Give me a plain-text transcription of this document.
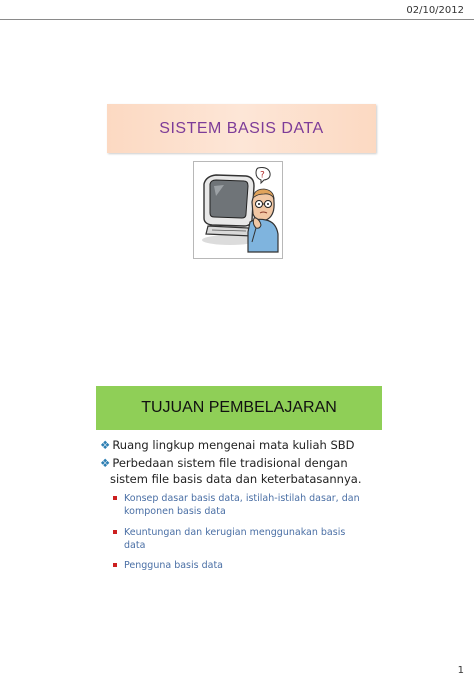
02/10/2012
SISTEM BASIS DATA
?
TUJUAN PEMBELAJARAN
❖ Ruang lingkup mengenai mata kuliah SBD
❖ Perbedaan sistem file tradisional dengan
sistem file basis data dan keterbatasannya.
Konsep dasar basis data, istilah-istilah dasar, dan
komponen basis data
Keuntungan dan kerugian menggunakan basis
data
Pengguna basis data
1
